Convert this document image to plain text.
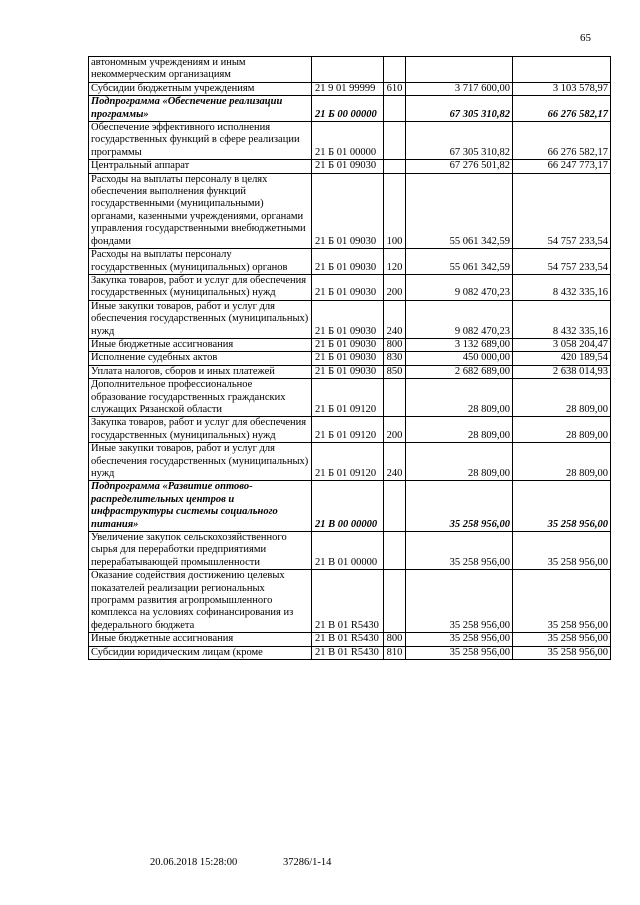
65
автономным учреждениям и иным некоммерческим организациям				
Субсидии бюджетным учреждениям	21 9 01 99999	610	3 717 600,00	3 103 578,97
Подпрограмма «Обеспечение реализации программы»	21 Б 00 00000		67 305 310,82	66 276 582,17
Обеспечение эффективного исполнения государственных функций в сфере реализации программы	21 Б 01 00000		67 305 310,82	66 276 582,17
Центральный аппарат	21 Б 01 09030		67 276 501,82	66 247 773,17
Расходы на выплаты персоналу в целях обеспечения выполнения функций государственными (муниципальными) органами, казенными учреждениями, органами управления государственными внебюджетными фондами	21 Б 01 09030	100	55 061 342,59	54 757 233,54
Расходы на выплаты персоналу государственных (муниципальных) органов	21 Б 01 09030	120	55 061 342,59	54 757 233,54
Закупка товаров, работ и услуг для обеспечения государственных (муниципальных) нужд	21 Б 01 09030	200	9 082 470,23	8 432 335,16
Иные закупки товаров, работ и услуг для обеспечения государственных (муниципальных) нужд	21 Б 01 09030	240	9 082 470,23	8 432 335,16
Иные бюджетные ассигнования	21 Б 01 09030	800	3 132 689,00	3 058 204,47
Исполнение судебных актов	21 Б 01 09030	830	450 000,00	420 189,54
Уплата налогов, сборов и иных платежей	21 Б 01 09030	850	2 682 689,00	2 638 014,93
Дополнительное профессиональное образование государственных гражданских служащих Рязанской области	21 Б 01 09120		28 809,00	28 809,00
Закупка товаров, работ и услуг для обеспечения государственных (муниципальных) нужд	21 Б 01 09120	200	28 809,00	28 809,00
Иные закупки товаров, работ и услуг для обеспечения государственных (муниципальных) нужд	21 Б 01 09120	240	28 809,00	28 809,00
Подпрограмма «Развитие оптово-распределительных центров и инфраструктуры системы социального питания»	21 В 00 00000		35 258 956,00	35 258 956,00
Увеличение закупок сельскохозяйственного сырья для переработки предприятиями перерабатывающей промышленности	21 В 01 00000		35 258 956,00	35 258 956,00
Оказание содействия достижению целевых показателей реализации региональных программ развития агропромышленного комплекса на условиях софинансирования из федерального бюджета	21 В 01 R5430		35 258 956,00	35 258 956,00
Иные бюджетные ассигнования	21 В 01 R5430	800	35 258 956,00	35 258 956,00
Субсидии юридическим лицам (кроме	21 В 01 R5430	810	35 258 956,00	35 258 956,00
20.06.2018 15:28:00	37286/1-14
